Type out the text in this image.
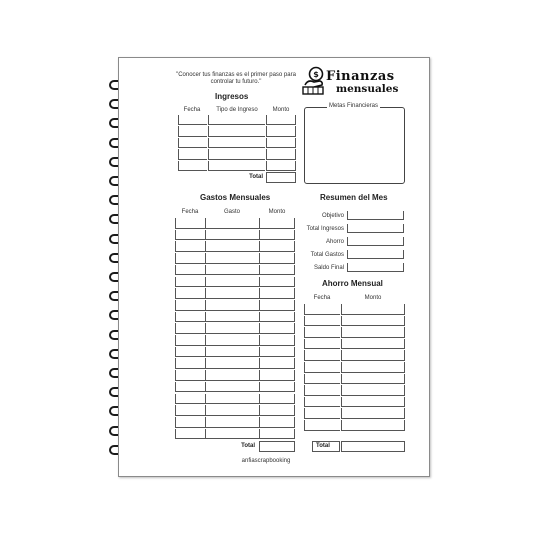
"Conocer tus finanzas es el primer paso para controlar tu futuro."
$ Finanzas
mensuales
Ingresos
Fecha	Tipo de Ingreso	Monto
Total
Metas Financieras
Gastos Mensuales
Fecha	Gasto	Monto
Total
Resumen del Mes
Objetivo
Total Ingresos
Ahorro
Total Gastos
Saldo Final
Ahorro Mensual
Fecha	Monto
Total
anfiascrapbooking
